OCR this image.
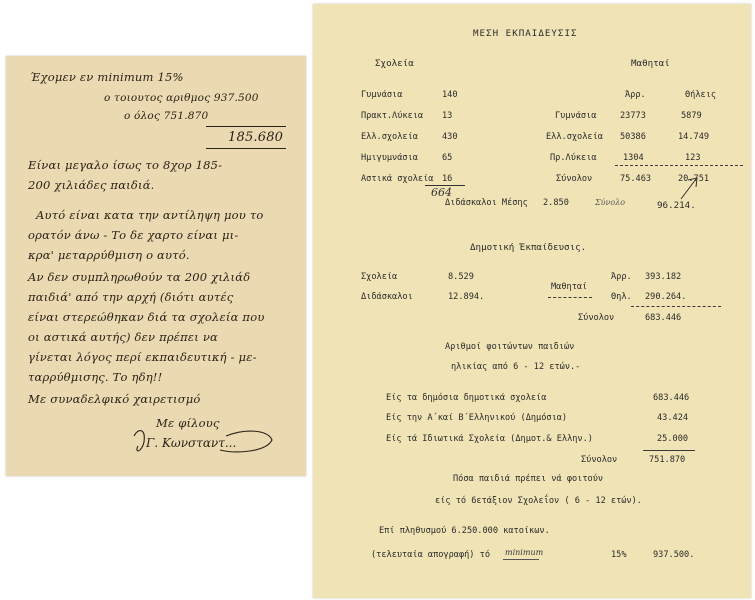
Έχομεν εν minimum 15%
ο τοιουτος αριθμος 937.500
ο όλος 751.870
185.680
Είναι μεγαλο ίσως το 8χορ 185-
200 χιλιάδες παιδιά.
Αυτό είναι κατα την αντίληψη μου το
ορατόν άνω - Το δε χαρτο είναι μι-
κρα' μεταρρύθμιση ο αυτό.
Αν δεν συμπληρωθούν τα 200 χιλιάδ
παιδιά' από την αρχή (διότι αυτές
είναι στερεώθηκαν διά τα σχολεία που
οι αστικά αυτής) δεν πρέπει να
γίνεται λόγος περί εκπαιδευτική - με-
ταρρύθμισης. Το ηδη!!
Με συναδελφικό χαιρετισμό
Με φίλους
Γ. Κωνσταντ...
ΜΕΣΗ ΕΚΠΑΙΔΕΥΣΙΣ
Σχολεία	Μαθηταί
Γυμνάσια	140
Πρακτ.Λύκεια 13
Ελλ.σχολεία	430
Ημιγυμνάσια	65
Αστικά σχολεία 16
664
Άρρ.	Θήλεις
Γυμνάσια	23773	5879
Ελλ.σχολεία 50386	14.749
Πρ.Λύκεια	1304	123
Σύνολον	75.463	20.751
Διδάσκαλοι Μέσης 2.850	Σύνολο	96.214.
Δημοτική Έκπαίδευσις.
Σχολεία	8.529
Διδάσκαλοι	12.894.
Μαθηταί
Άρρ. 393.182
Θηλ. 290.264.
Σύνολον	683.446
Αριθμοί φοιτώντων παιδιών
ηλικίας από 6 - 12 ετών.-
Είς τα δημόσια δημοτικά σχολεία	683.446
Είς την Α΄καί Β΄Ελληνικού (Δημόσια)	43.424
Είς τά Ιδιωτικά Σχολεία (Δημοτ.& Ελλην.)	25.000
Σύνολον	751.870
Πόσα παιδιά πρέπει νά φοιτούν
είς τό 6ετάξιον Σχολεΐον ( 6 - 12 ετών).
Επί πληθυσμού 6.250.000 κατοίκων.
(τελευταία απογραφή) τό minimum	15%	937.500.
